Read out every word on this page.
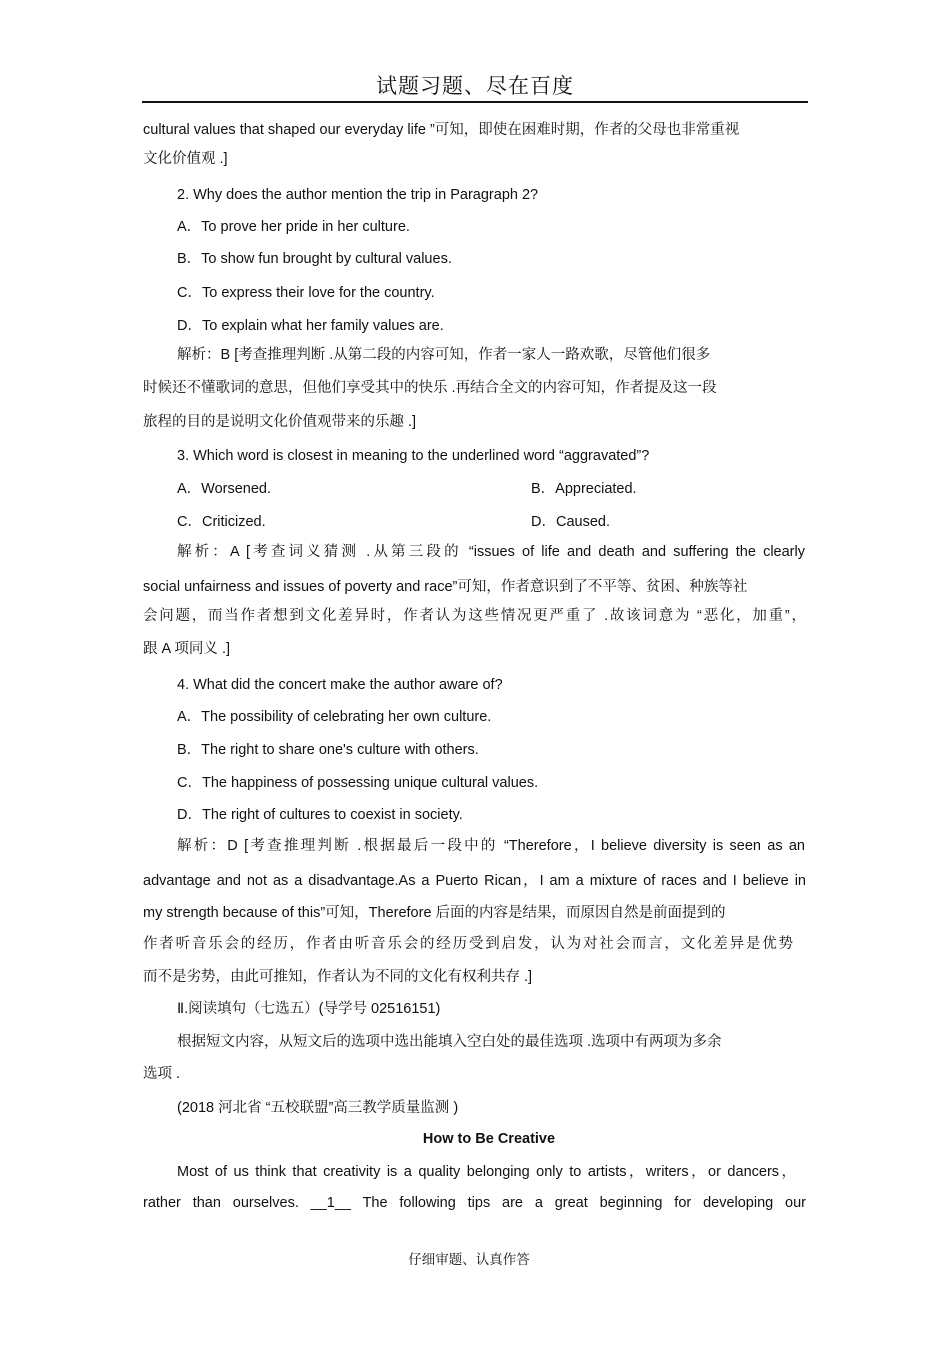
试题习题、尽在百度
cultural values that shaped our everyday life ”可知，即使在困难时期，作者的父母也非常重视
文化价值观 .]
2. Why does the author mention the trip in Paragraph 2?
A．To prove her pride in her culture.
B．To show fun brought by cultural values.
C．To express their love for the country.
D．To explain what her family values are.
解析：B [考查推理判断 .从第二段的内容可知，作者一家人一路欢歌，尽管他们很多
时候还不懂歌词的意思，但他们享受其中的快乐 .再结合全文的内容可知，作者提及这一段
旅程的目的是说明文化价值观带来的乐趣 .]
3. Which word is closest in meaning to the underlined word “aggravated”?
A．Worsened.	B．Appreciated.
C．Criticized.	D．Caused.
解析：A [考查词义猜测 .从第三段的 “issues of life and death and suffering the clearly
social unfairness and issues of poverty and race”可知，作者意识到了不平等、贫困、种族等社
会问题，而当作者想到文化差异时，作者认为这些情况更严重了 .故该词意为 “恶化，加重”，
跟 A 项同义 .]
4. What did the concert make the author aware of?
A．The possibility of celebrating her own culture.
B．The right to share one's culture with others.
C．The happiness of possessing unique cultural values.
D．The right of cultures to coexist in society.
解析：D [考查推理判断 .根据最后一段中的 “Therefore，I believe diversity is seen as an
advantage and not as a disadvantage.As a Puerto Rican，I am a mixture of races and I believe in
my strength because of this”可知，Therefore 后面的内容是结果，而原因自然是前面提到的
作者听音乐会的经历，作者由听音乐会的经历受到启发，认为对社会而言，文化差异是优势
而不是劣势，由此可推知，作者认为不同的文化有权利共存 .]
Ⅱ.阅读填句（七选五）(导学号 02516151)
根据短文内容，从短文后的选项中选出能填入空白处的最佳选项 .选项中有两项为多余
选项 .
(2018 河北省 “五校联盟”高三教学质量监测 )
How to Be Creative
Most of us think that creativity is a quality belonging only to artists，writers，or dancers，
rather than ourselves. __1__ The following tips are a great beginning for developing our
仔细审题、认真作答
